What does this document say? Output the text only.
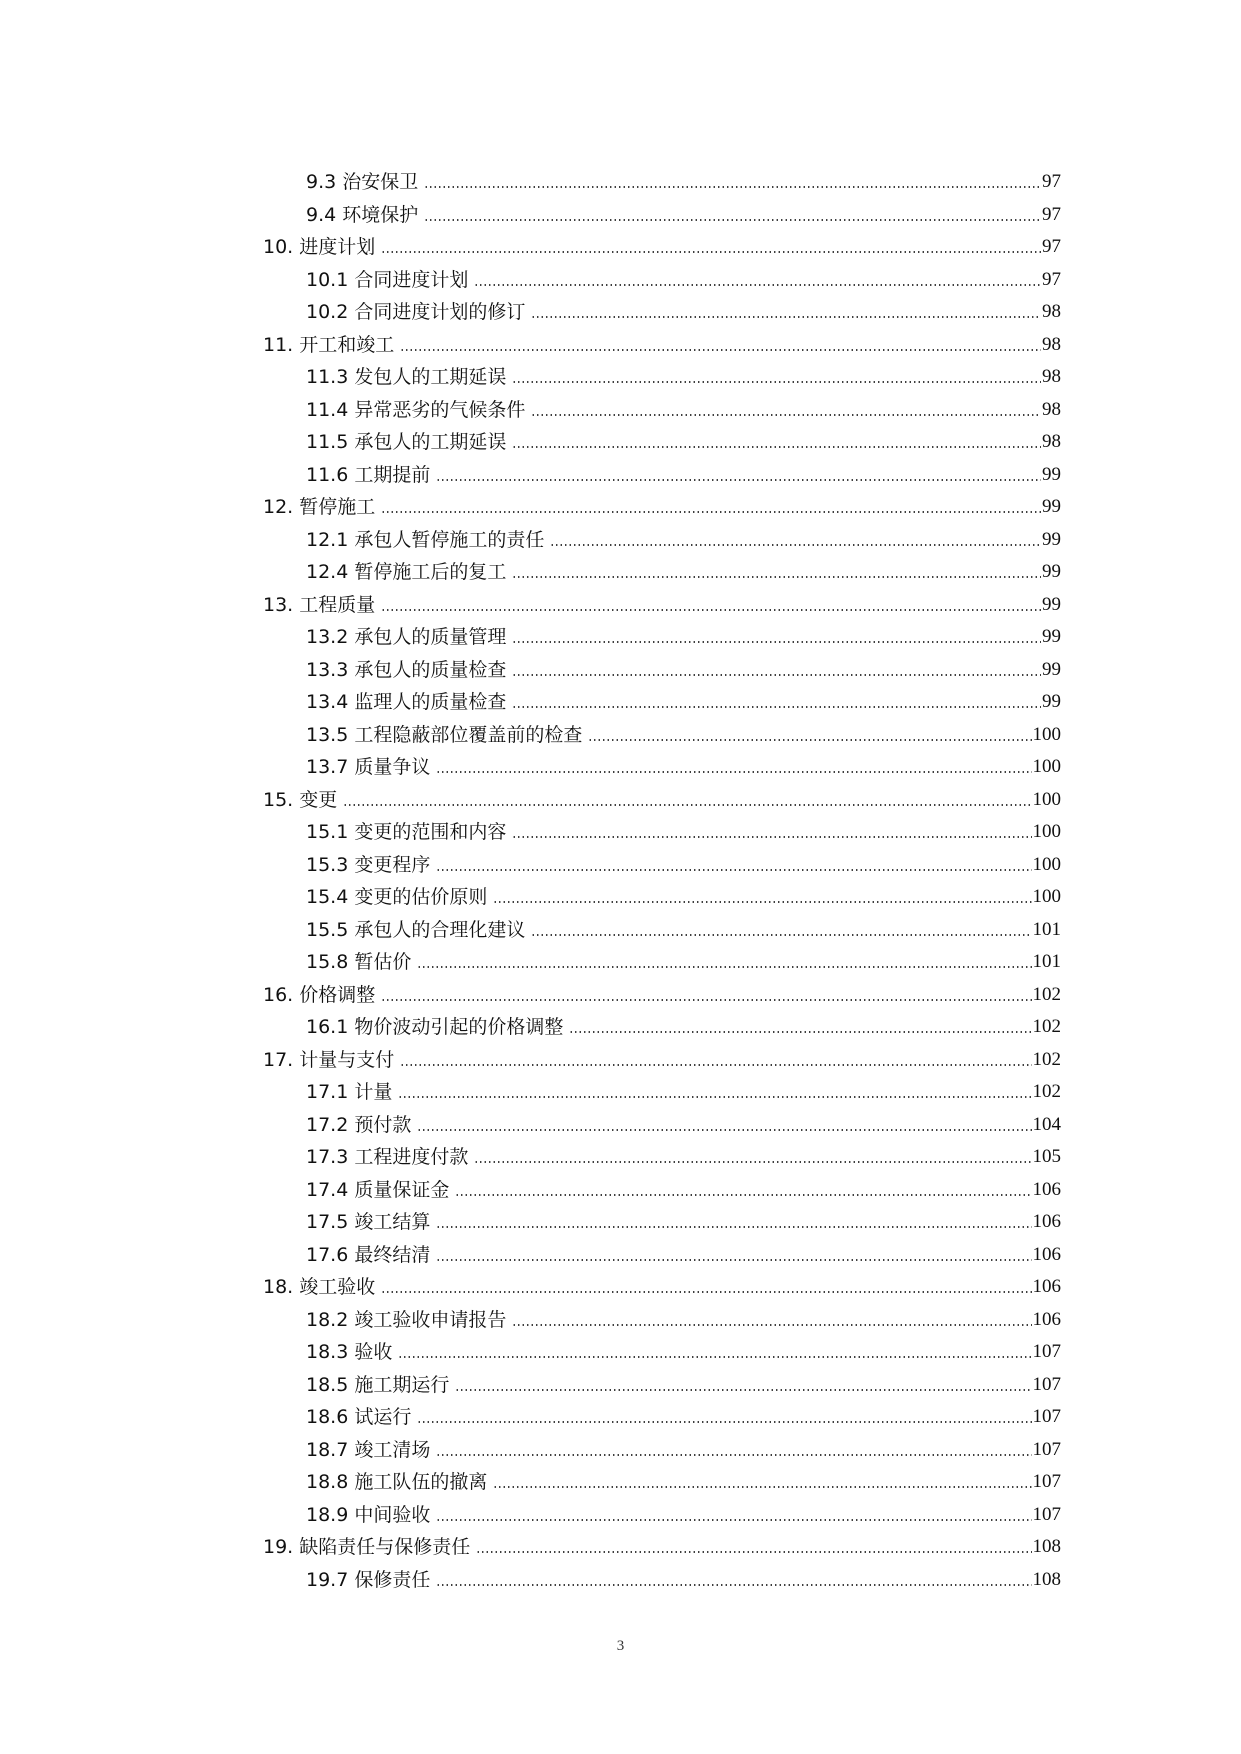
9.3 治安保卫	97
9.4 环境保护	97
10. 进度计划	97
10.1 合同进度计划	97
10.2 合同进度计划的修订	98
11. 开工和竣工	98
11.3 发包人的工期延误	98
11.4 异常恶劣的气候条件	98
11.5 承包人的工期延误	98
11.6 工期提前	99
12. 暂停施工	99
12.1 承包人暂停施工的责任	99
12.4 暂停施工后的复工	99
13. 工程质量	99
13.2 承包人的质量管理	99
13.3 承包人的质量检查	99
13.4 监理人的质量检查	99
13.5 工程隐蔽部位覆盖前的检查	100
13.7 质量争议	100
15. 变更	100
15.1 变更的范围和内容	100
15.3 变更程序	100
15.4 变更的估价原则	100
15.5 承包人的合理化建议	101
15.8 暂估价	101
16. 价格调整	102
16.1 物价波动引起的价格调整	102
17. 计量与支付	102
17.1 计量	102
17.2 预付款	104
17.3 工程进度付款	105
17.4 质量保证金	106
17.5 竣工结算	106
17.6 最终结清	106
18. 竣工验收	106
18.2 竣工验收申请报告	106
18.3 验收	107
18.5 施工期运行	107
18.6 试运行	107
18.7 竣工清场	107
18.8 施工队伍的撤离	107
18.9 中间验收	107
19. 缺陷责任与保修责任	108
19.7 保修责任	108
3
